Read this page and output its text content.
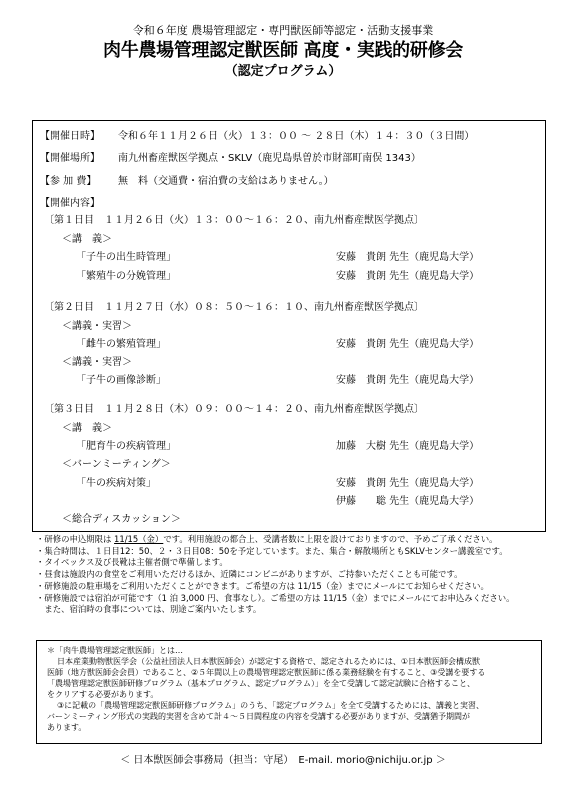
令和６年度 農場管理認定・専門獣医師等認定・活動支援事業

肉牛農場管理認定獣医師 高度・実践的研修会

（認定プログラム）

【開催日時】 令和６年１１月２６日（火）１３：００ ～ ２８日（木）１４：３０（３日間）
【開催場所】 南九州畜産獣医学拠点・SKLV（鹿児島県曽於市財部町南俣 1343）
【参 加 費】 無　料（交通費・宿泊費の支給はありません。）
【開催内容】
〔第１日目　１１月２６日（火）１３：００～１６：２０、南九州畜産獣医学拠点〕
＜講　義＞
「子牛の出生時管理」	安藤　貴朗 先生（鹿児島大学）
「繁殖牛の分娩管理」	安藤　貴朗 先生（鹿児島大学）
〔第２日目　１１月２７日（水）０８：５０～１６：１０、南九州畜産獣医学拠点〕
＜講義・実習＞
「雌牛の繁殖管理」	安藤　貴朗 先生（鹿児島大学）
＜講義・実習＞
「子牛の画像診断」	安藤　貴朗 先生（鹿児島大学）
〔第３日目　１１月２８日（木）０９：００～１４：２０、南九州畜産獣医学拠点〕
＜講　義＞
「肥育牛の疾病管理」	加藤　大樹 先生（鹿児島大学）
＜バーンミーティング＞
「牛の疾病対策」	安藤　貴朗 先生（鹿児島大学）
伊藤　　聡 先生（鹿児島大学）
＜総合ディスカッション＞

・研修の申込期限は 11/15（金）です。利用施設の都合上、受講者数に上限を設けておりますので、予めご了承ください。

・集合時間は、１日目12：50、２・３日目08：50を予定しています。また、集合・解散場所ともSKLVセンター講義室です。

・タイベックス及び長靴は主催者側で準備します。

・昼食は施設内の食堂をご利用いただけるほか、近隣にコンビニがありますが、ご持参いただくことも可能です。

・研修施設の駐車場をご利用いただくことができます。ご希望の方は 11/15（金）までにメールにてお知らせください。

・研修施設では宿泊が可能です（1 泊 3,000 円、食事なし）。ご希望の方は 11/15（金）までにメールにてお申込みください。

　また、宿泊時の食事については、別途ご案内いたします。

＊「肉牛農場管理認定獣医師」とは…

日本産業動物獣医学会（公益社団法人日本獣医師会）が認定する資格で、認定されるためには、①日本獣医師会構成獣

医師（地方獣医師会会員）であること、②５年間以上の農場管理認定獣医師に係る業務経験を有すること、③受講を要する

「農場管理認定獣医師研修プログラム（基本プログラム、認定プログラム）」を全て受講して認定試験に合格すること、

をクリアする必要があります。

③に記載の「農場管理認定獣医師研修プログラム」のうち、「認定プログラム」を全て受講するためには、講義と実習、

バーンミーティング形式の実践的実習を含めて計４～５日間程度の内容を受講する必要がありますが、受講猶予期間が

あります。

＜ 日本獣医師会事務局（担当：守尾）　E-mail. morio@nichiju.or.jp ＞
